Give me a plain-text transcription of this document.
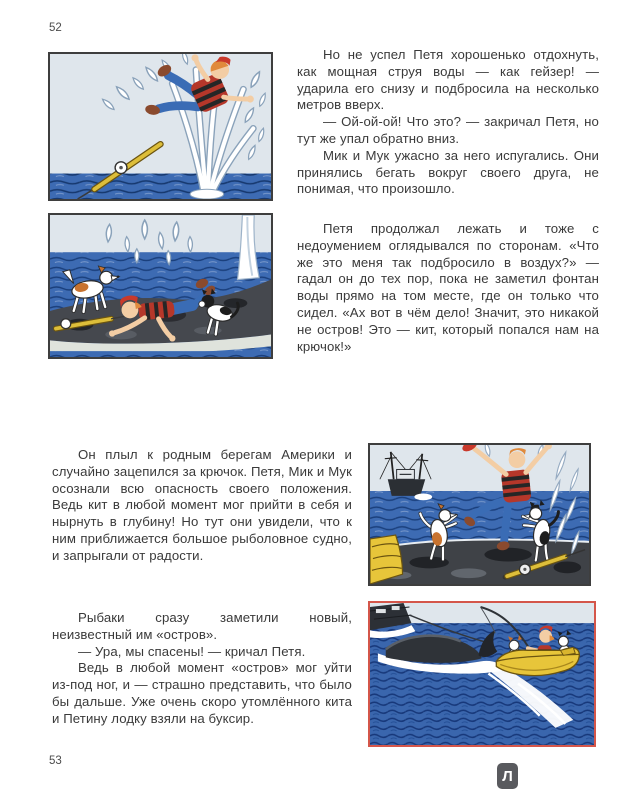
52

Но не успел Петя хорошенько отдохнуть, как мощная струя воды — как гейзер! — ударила его снизу и подбросила на несколько метров вверх.

— Ой-ой-ой! Что это? — закричал Петя, но тут же упал обратно вниз.

Мик и Мук ужасно за него испугались. Они принялись бегать вокруг своего друга, не понимая, что произошло.

Петя продолжал лежать и тоже с недоумением оглядывался по сторонам. «Что же это меня так подбросило в воздух?» — гадал он до тех пор, пока не заметил фонтан воды прямо на том месте, где он только что сидел. «Ах вот в чём дело! Значит, это никакой не остров! Это — кит, который попался нам на крючок!»

Он плыл к родным берегам Америки и случайно зацепился за крючок. Петя, Мик и Мук осознали всю опасность своего положения. Ведь кит в любой момент мог прийти в себя и нырнуть в глубину! Но тут они увидели, что к ним приближается большое рыболовное судно, и запрыгали от радости.

Рыбаки сразу заметили новый, неизвестный им «остров».

— Ура, мы спасены! — кричал Петя.

Ведь в любой момент «остров» мог уйти из-под ног, и — страшно представить, что было бы дальше. Уже очень скоро утомлённого кита и Петину лодку взяли на буксир.

53
Л
